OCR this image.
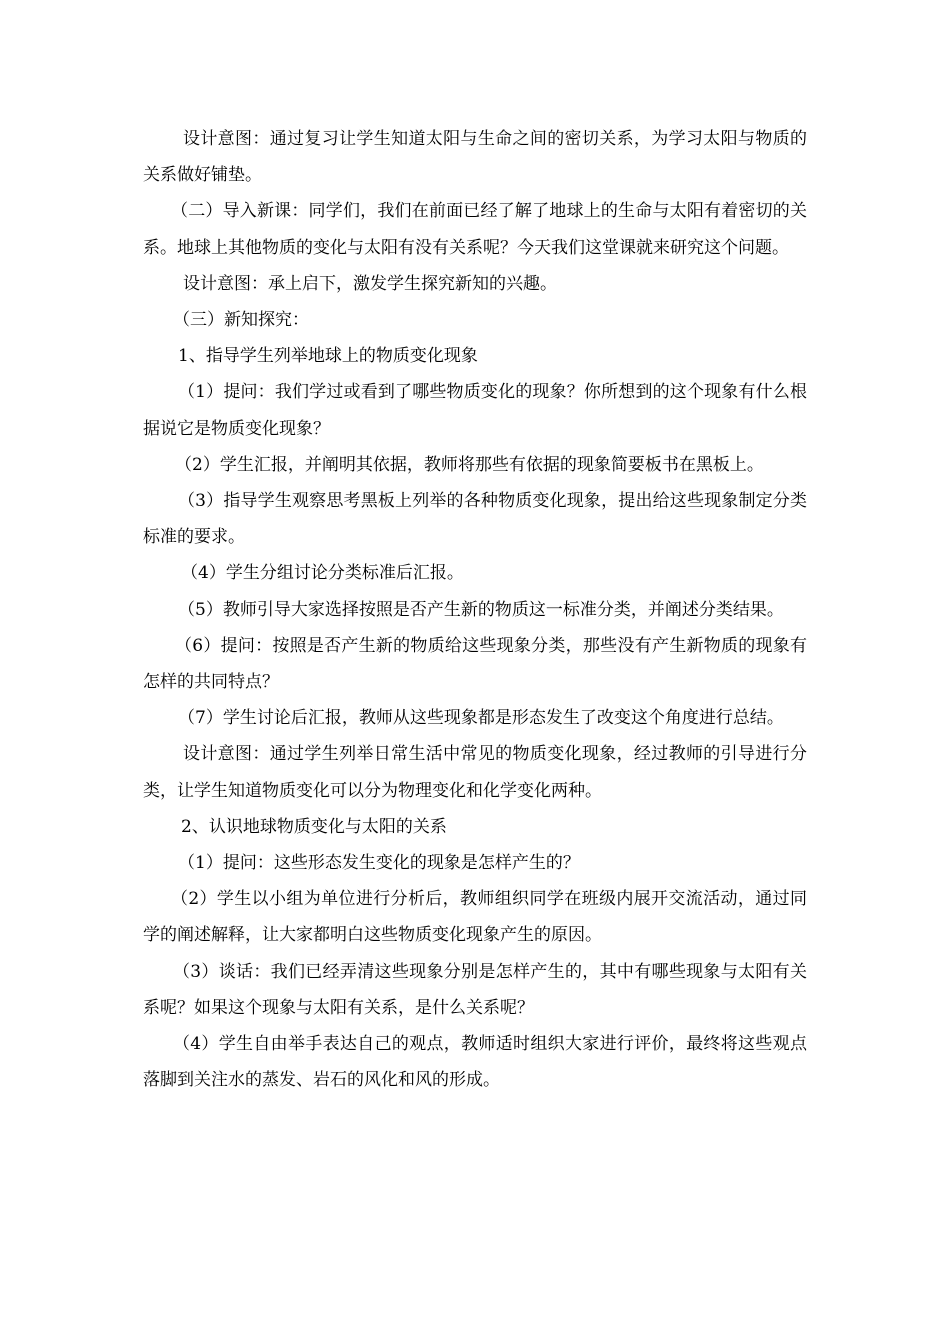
设计意图：通过复习让学生知道太阳与生命之间的密切关系，为学习太阳与物质的关系做好铺垫。

（二）导入新课：同学们，我们在前面已经了解了地球上的生命与太阳有着密切的关系。地球上其他物质的变化与太阳有没有关系呢？今天我们这堂课就来研究这个问题。

设计意图：承上启下，激发学生探究新知的兴趣。

（三）新知探究：

1、指导学生列举地球上的物质变化现象

（1）提问：我们学过或看到了哪些物质变化的现象？你所想到的这个现象有什么根据说它是物质变化现象？

（2）学生汇报，并阐明其依据，教师将那些有依据的现象简要板书在黑板上。

（3）指导学生观察思考黑板上列举的各种物质变化现象，提出给这些现象制定分类标准的要求。

（4）学生分组讨论分类标准后汇报。

（5）教师引导大家选择按照是否产生新的物质这一标准分类，并阐述分类结果。

（6）提问：按照是否产生新的物质给这些现象分类，那些没有产生新物质的现象有怎样的共同特点？

（7）学生讨论后汇报，教师从这些现象都是形态发生了改变这个角度进行总结。

设计意图：通过学生列举日常生活中常见的物质变化现象，经过教师的引导进行分类，让学生知道物质变化可以分为物理变化和化学变化两种。

2、认识地球物质变化与太阳的关系

（1）提问：这些形态发生变化的现象是怎样产生的？

（2）学生以小组为单位进行分析后，教师组织同学在班级内展开交流活动，通过同学的阐述解释，让大家都明白这些物质变化现象产生的原因。

（3）谈话：我们已经弄清这些现象分别是怎样产生的，其中有哪些现象与太阳有关系呢？如果这个现象与太阳有关系，是什么关系呢？

（4）学生自由举手表达自己的观点，教师适时组织大家进行评价，最终将这些观点落脚到关注水的蒸发、岩石的风化和风的形成。
